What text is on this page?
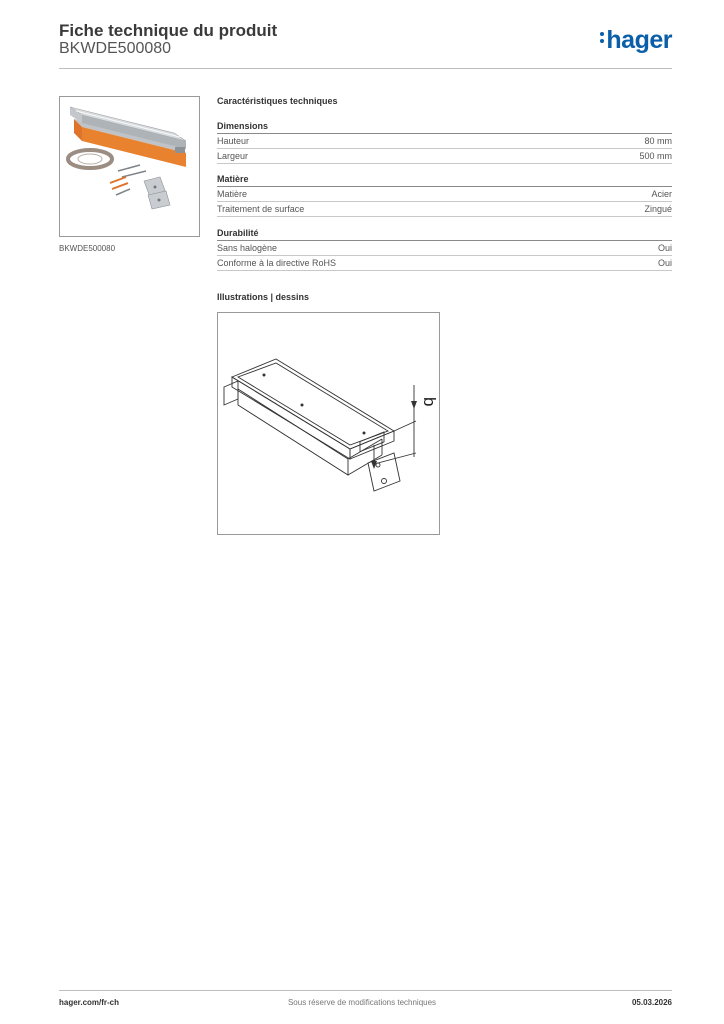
Fiche technique du produit
BKWDE500080	hager
BKWDE500080
Caractéristiques techniques
Dimensions
Hauteur	80 mm
Largeur	500 mm
Matière
Matière	Acier
Traitement de surface	Zingué
Durabilité
Sans halogène	Oui
Conforme à la directive RoHS	Oui
Illustrations | dessins
b
hager.com/fr-ch	Sous réserve de modifications techniques	05.03.2026
